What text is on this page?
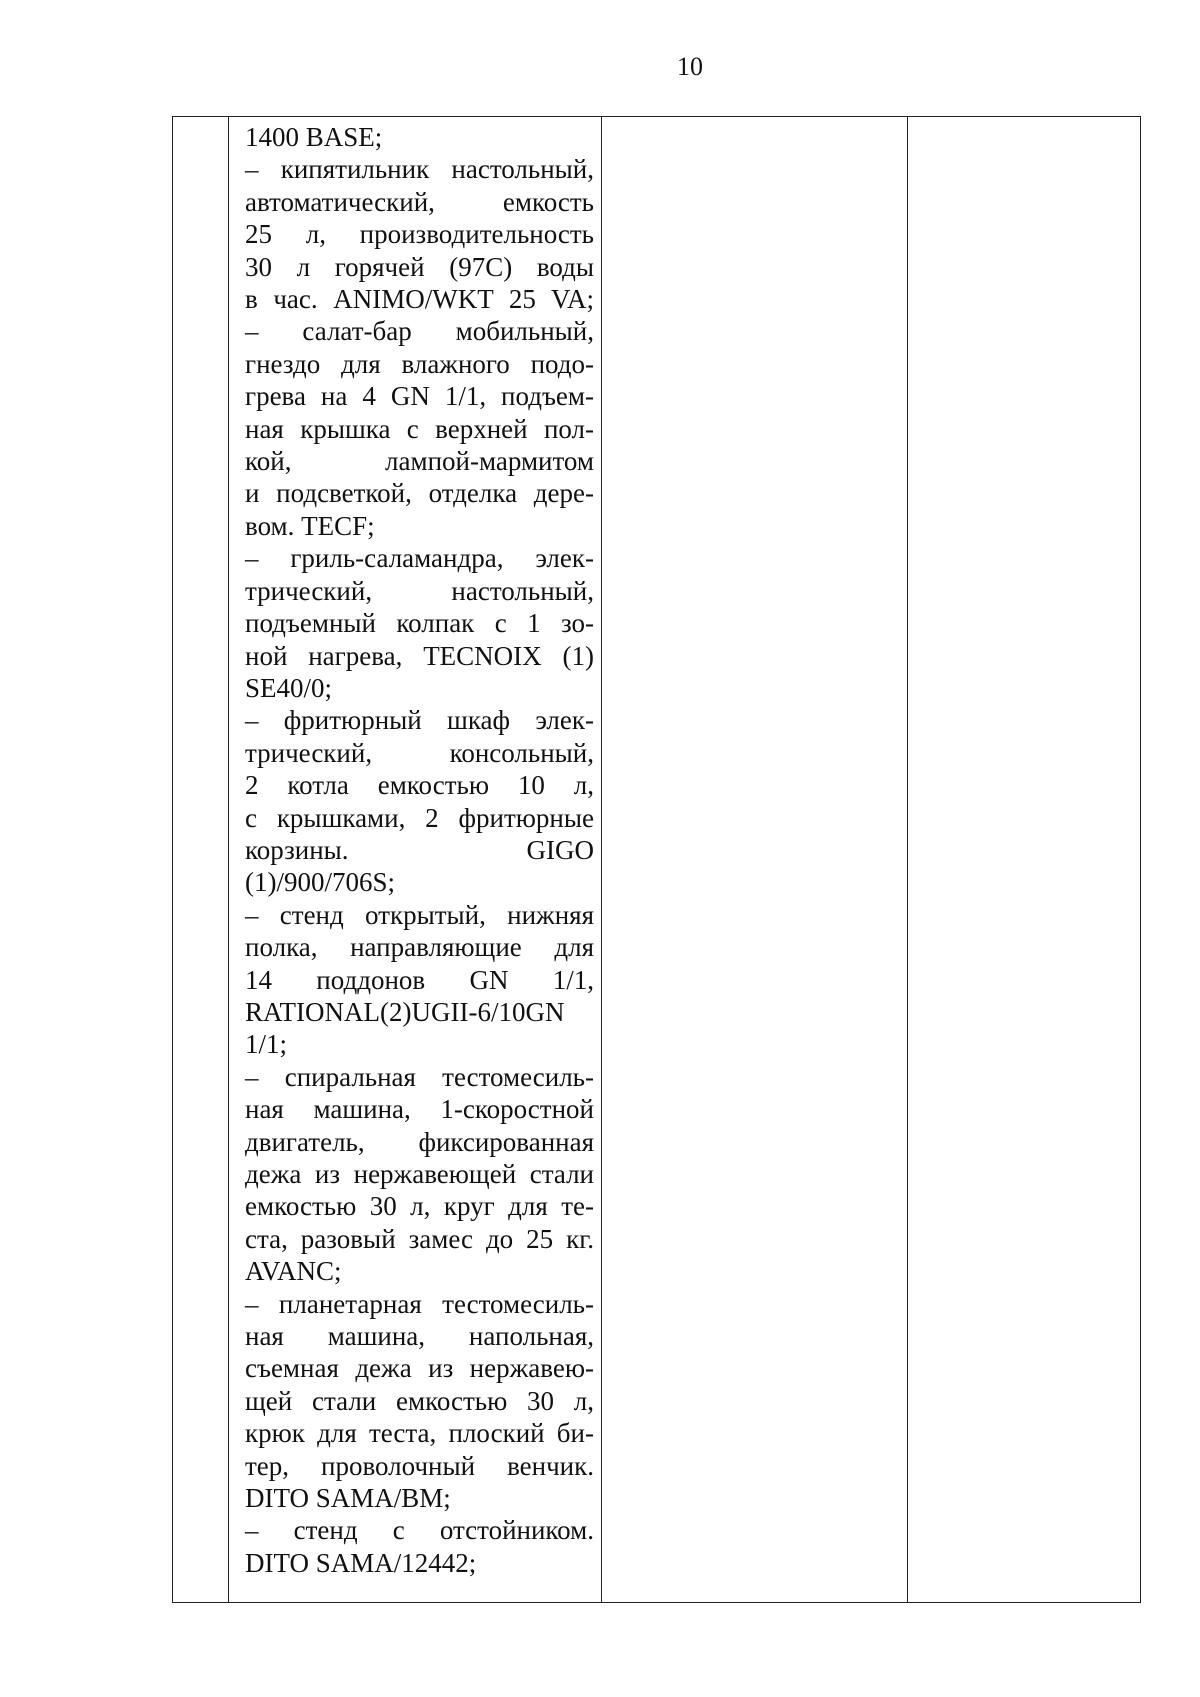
10

1400 BASE;
– кипятильник настольный,
автоматический, емкость
25 л, производительность
30 л горячей (97С) воды
в час. ANIMO/WKT 25 VA;
– салат-бар мобильный,
гнездо для влажного подо-
грева на 4 GN 1/1, подъем-
ная крышка с верхней пол-
кой, лампой-мармитом
и подсветкой, отделка дере-
вом. TECF;
– гриль-саламандра, элек-
трический, настольный,
подъемный колпак с 1 зо-
ной нагрева, TECNOIX (1)
SE40/0;
– фритюрный шкаф элек-
трический, консольный,
2 котла емкостью 10 л,
с крышками, 2 фритюрные
корзины. GIGO
(1)/900/706S;
– стенд открытый, нижняя
полка, направляющие для
14 поддонов GN 1/1,
RATIONAL(2)UGII-6/10GN
1/1;
– спиральная тестомесиль-
ная машина, 1-скоростной
двигатель, фиксированная
дежа из нержавеющей стали
емкостью 30 л, круг для те-
ста, разовый замес до 25 кг.
AVANC;
– планетарная тестомесиль-
ная машина, напольная,
съемная дежа из нержавею-
щей стали емкостью 30 л,
крюк для теста, плоский би-
тер, проволочный венчик.
DITO SAMA/BM;
– стенд с отстойником.
DITO SAMA/12442;
